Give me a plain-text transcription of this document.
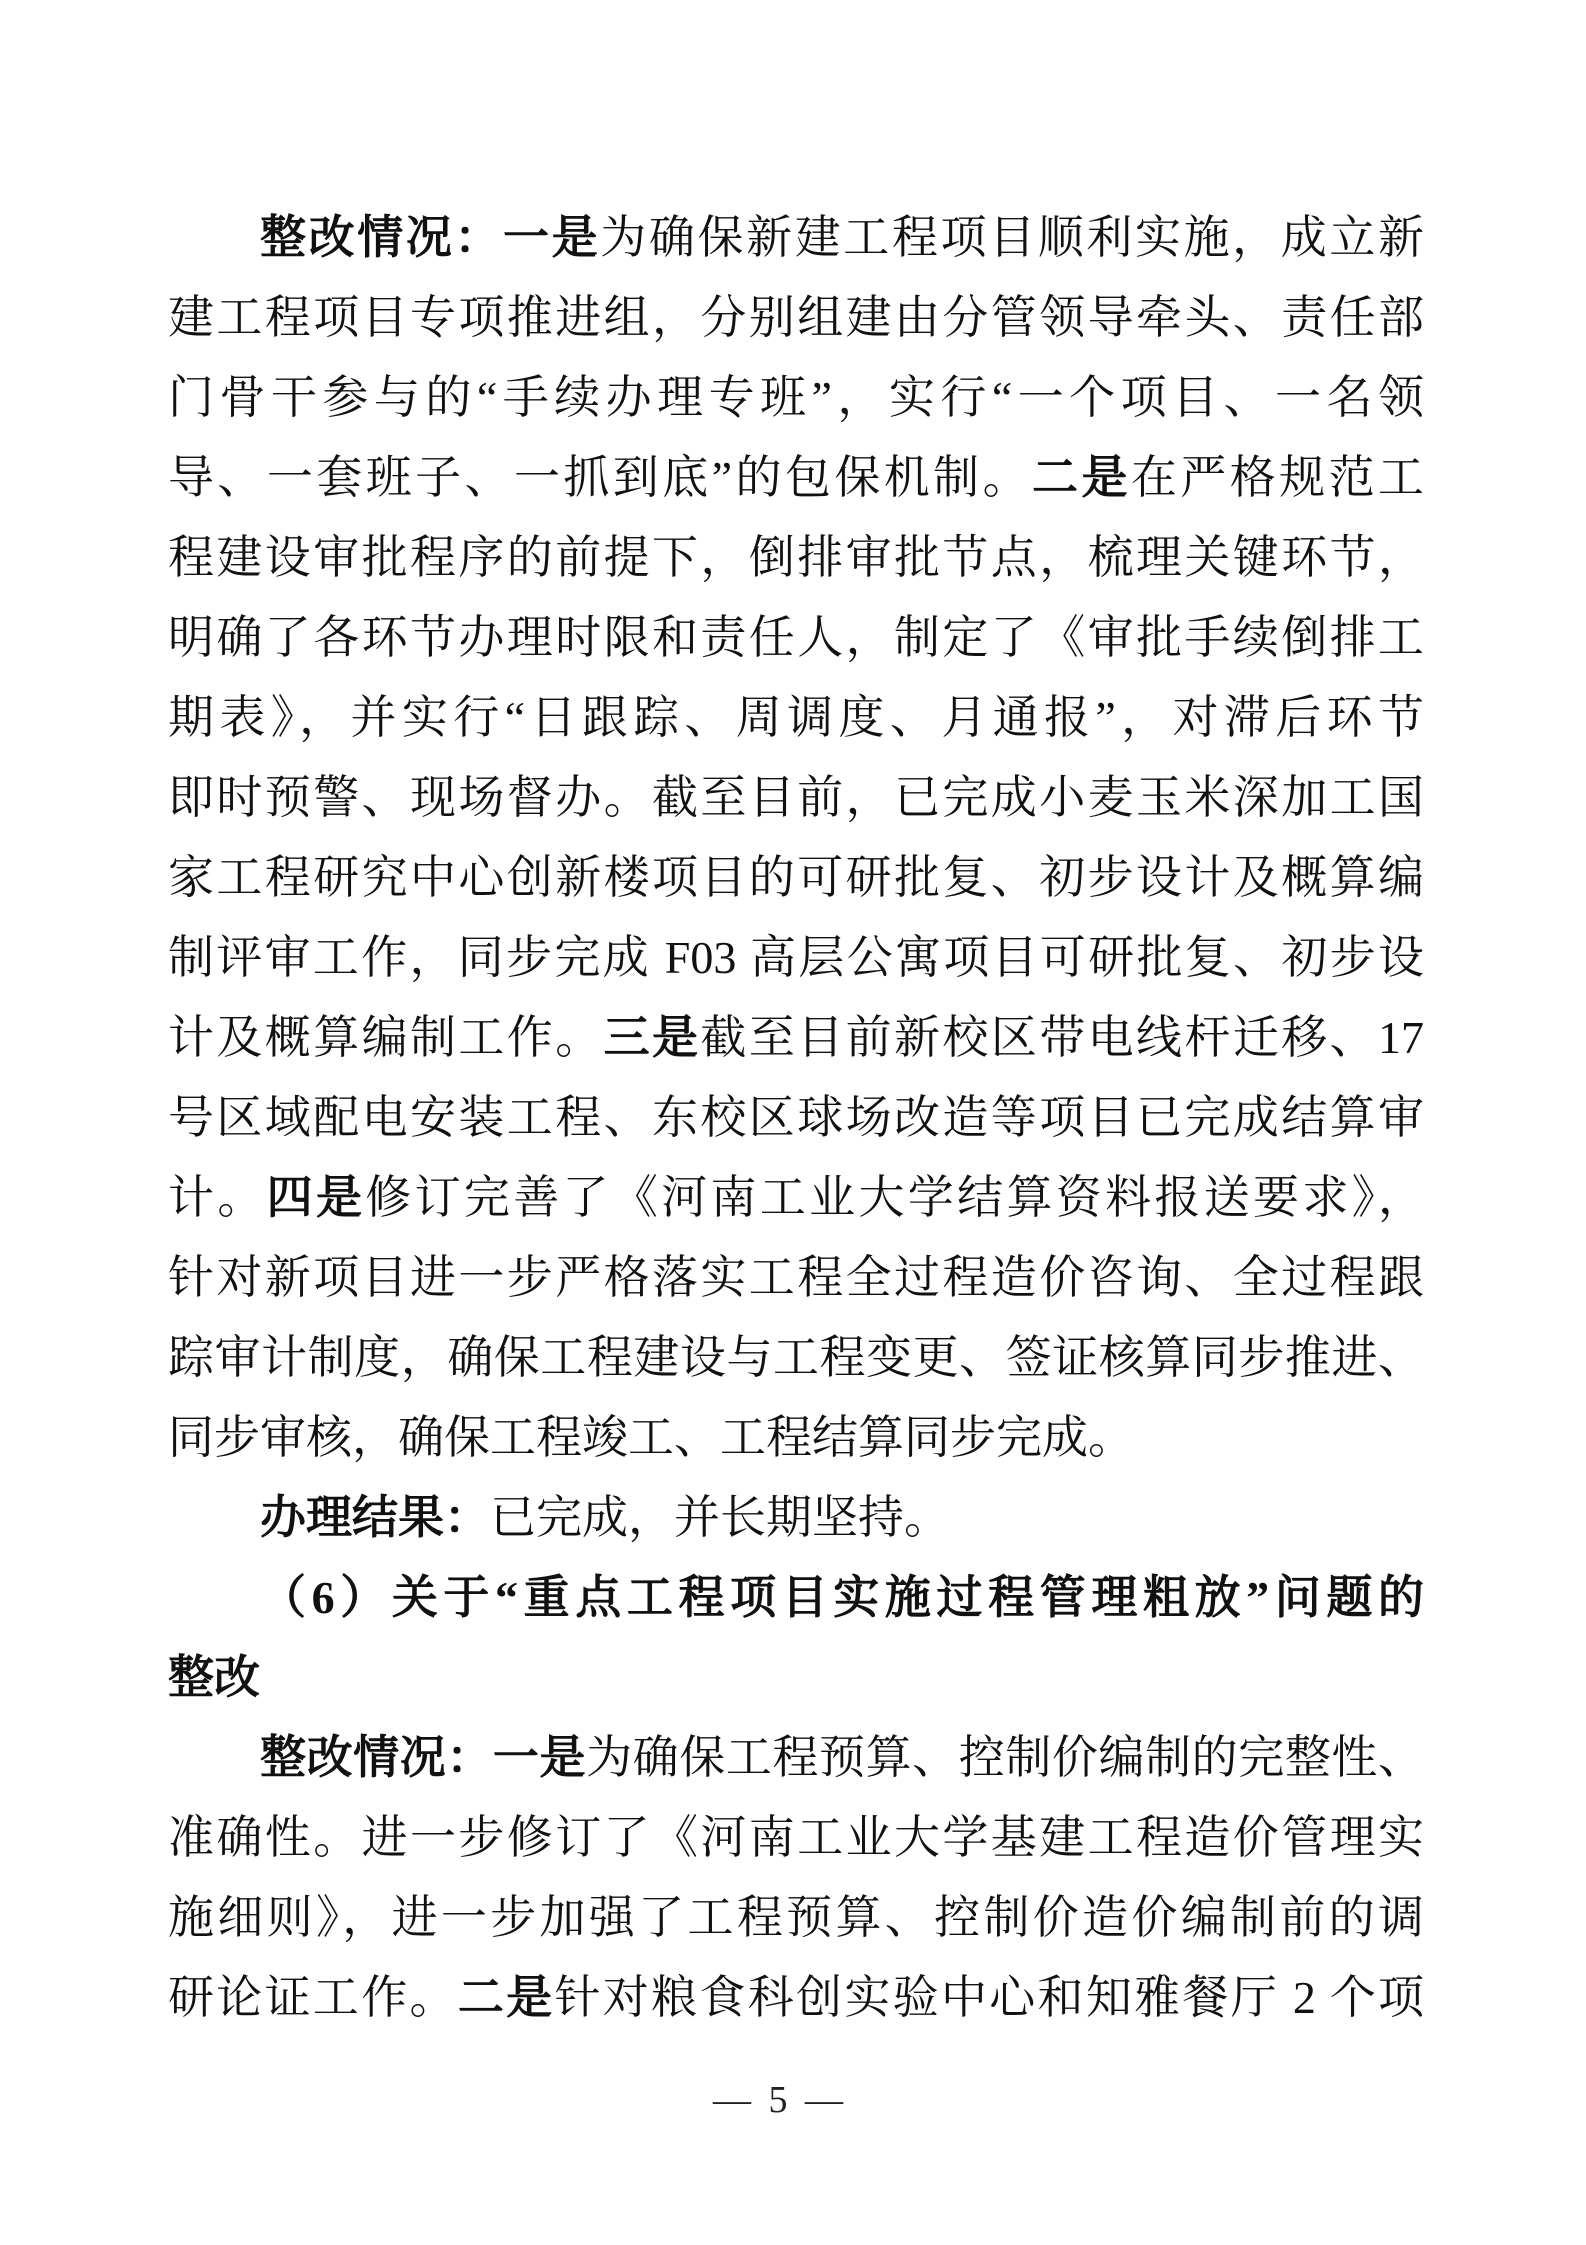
整改情况：一是为确保新建工程项目顺利实施，成立新
建工程项目专项推进组，分别组建由分管领导牵头、责任部
门骨干参与的“手续办理专班”，实行“一个项目、一名领
导、一套班子、一抓到底”的包保机制。二是在严格规范工
程建设审批程序的前提下，倒排审批节点，梳理关键环节，
明确了各环节办理时限和责任人，制定了《审批手续倒排工
期表》，并实行“日跟踪、周调度、月通报”，对滞后环节
即时预警、现场督办。截至目前，已完成小麦玉米深加工国
家工程研究中心创新楼项目的可研批复、初步设计及概算编
制评审工作，同步完成 F03 高层公寓项目可研批复、初步设
计及概算编制工作。三是截至目前新校区带电线杆迁移、17
号区域配电安装工程、东校区球场改造等项目已完成结算审
计。四是修订完善了《河南工业大学结算资料报送要求》，
针对新项目进一步严格落实工程全过程造价咨询、全过程跟
踪审计制度，确保工程建设与工程变更、签证核算同步推进、
同步审核，确保工程竣工、工程结算同步完成。
办理结果：已完成，并长期坚持。
（6）关于“重点工程项目实施过程管理粗放”问题的
整改
整改情况：一是为确保工程预算、控制价编制的完整性、
准确性。进一步修订了《河南工业大学基建工程造价管理实
施细则》，进一步加强了工程预算、控制价造价编制前的调
研论证工作。二是针对粮食科创实验中心和知雅餐厅 2 个项
— 5 —
